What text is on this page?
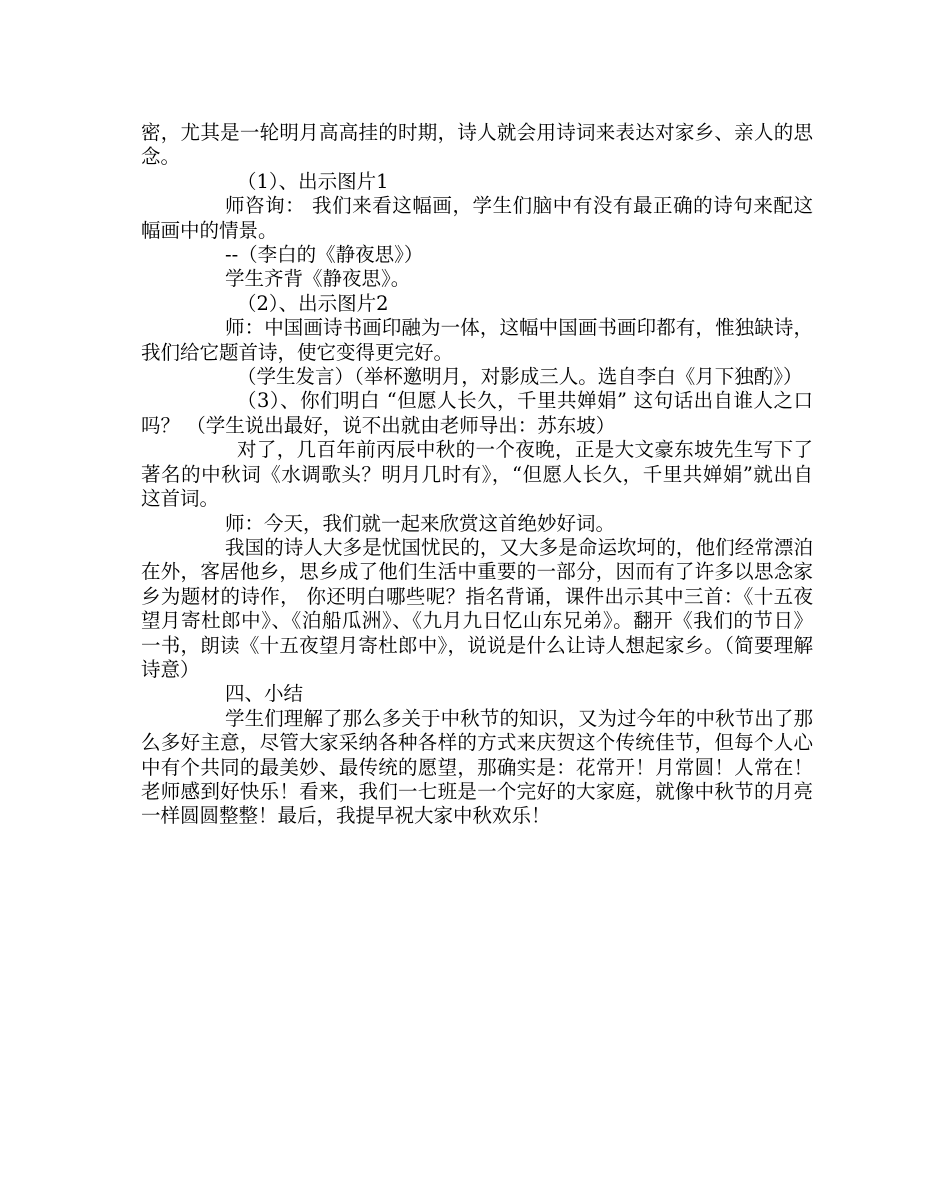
密，尤其是一轮明月高高挂的时期，诗人就会用诗词来表达对家乡、亲人的思念。

（1）、出示图片1

师咨询： 我们来看这幅画，学生们脑中有没有最正确的诗句来配这幅画中的情景。

--（李白的《静夜思》）

学生齐背《静夜思》。

（2）、出示图片2

师：中国画诗书画印融为一体，这幅中国画书画印都有，惟独缺诗，我们给它题首诗，使它变得更完好。

（学生发言）（举杯邀明月，对影成三人。选自李白《月下独酌》）

（3）、你们明白 “但愿人长久，千里共婵娟” 这句话出自谁人之口吗？ （学生说出最好，说不出就由老师导出：苏东坡）

对了，几百年前丙辰中秋的一个夜晚，正是大文豪东坡先生写下了著名的中秋词《水调歌头？明月几时有》，“但愿人长久，千里共婵娟”就出自这首词。

师：今天，我们就一起来欣赏这首绝妙好词。

我国的诗人大多是忧国忧民的，又大多是命运坎坷的，他们经常漂泊在外，客居他乡，思乡成了他们生活中重要的一部分，因而有了许多以思念家乡为题材的诗作， 你还明白哪些呢？指名背诵，课件出示其中三首：《十五夜望月寄杜郎中》、《泊船瓜洲》、《九月九日忆山东兄弟》。翻开《我们的节日》一书，朗读《十五夜望月寄杜郎中》，说说是什么让诗人想起家乡。（简要理解诗意）

四、小结

学生们理解了那么多关于中秋节的知识，又为过今年的中秋节出了那么多好主意，尽管大家采纳各种各样的方式来庆贺这个传统佳节，但每个人心中有个共同的最美妙、最传统的愿望，那确实是：花常开！月常圆！人常在！老师感到好快乐！看来，我们一七班是一个完好的大家庭，就像中秋节的月亮一样圆圆整整！最后，我提早祝大家中秋欢乐！
